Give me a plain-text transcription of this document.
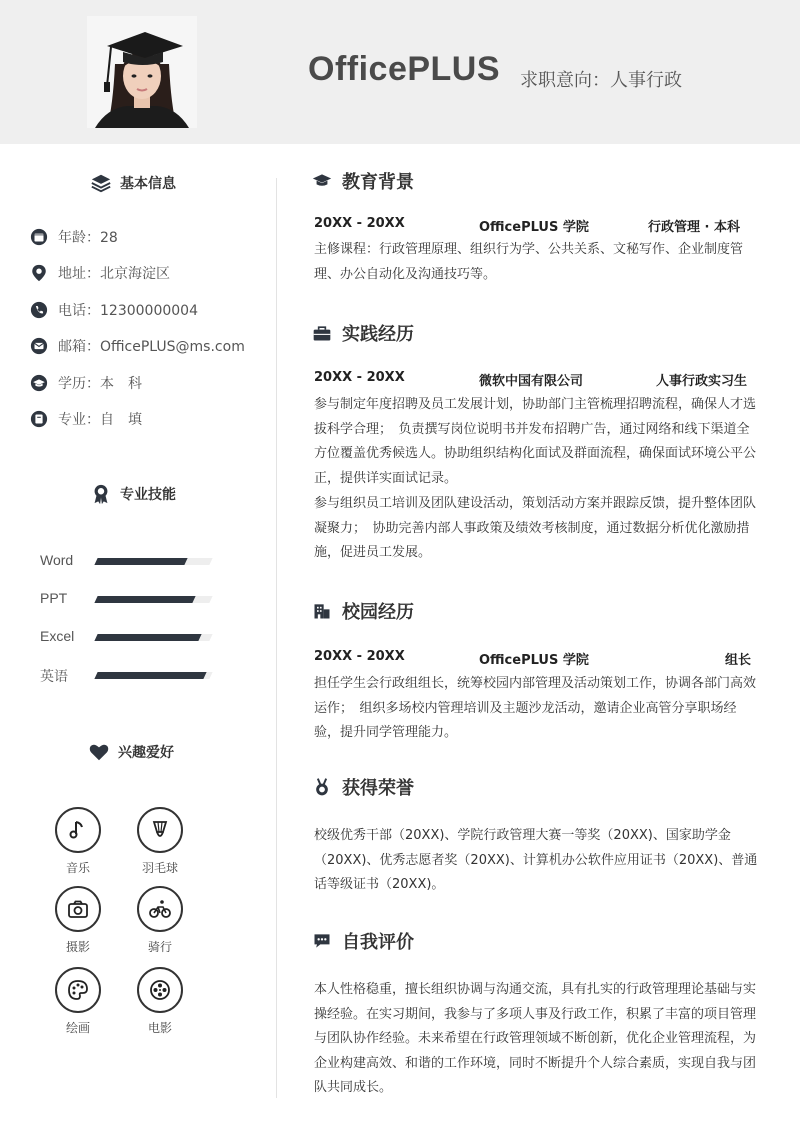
OfficePLUS 求职意向：人事行政
基本信息
年龄：28
地址：北京海淀区
电话：12300000004
邮箱：OfficePLUS@ms.com
学历：本　科
专业：自　填
专业技能
Word
PPT
Excel
英语
兴趣爱好
音乐	羽毛球
摄影	骑行
绘画	电影
教育背景
20XX - 20XX	OfficePLUS 学院	行政管理 · 本科
主修课程：行政管理原理、组织行为学、公共关系、文秘写作、企业制度管理、办公自动化及沟通技巧等。
实践经历
20XX - 20XX	微软中国有限公司	人事行政实习生
参与制定年度招聘及员工发展计划，协助部门主管梳理招聘流程，确保人才选拔科学合理；　负责撰写岗位说明书并发布招聘广告，通过网络和线下渠道全方位覆盖优秀候选人。协助组织结构化面试及群面流程，确保面试环境公平公正，提供详实面试记录。
参与组织员工培训及团队建设活动，策划活动方案并跟踪反馈，提升整体团队凝聚力；　协助完善内部人事政策及绩效考核制度，通过数据分析优化激励措施，促进员工发展。
校园经历
20XX - 20XX	OfficePLUS 学院	组长
担任学生会行政组组长，统筹校园内部管理及活动策划工作，协调各部门高效运作；　组织多场校内管理培训及主题沙龙活动，邀请企业高管分享职场经验，提升同学管理能力。
获得荣誉
校级优秀干部（20XX)、学院行政管理大赛一等奖（20XX)、国家助学金（20XX)、优秀志愿者奖（20XX)、计算机办公软件应用证书（20XX)、普通话等级证书（20XX)。
自我评价
本人性格稳重，擅长组织协调与沟通交流，具有扎实的行政管理理论基础与实操经验。在实习期间，我参与了多项人事及行政工作，积累了丰富的项目管理与团队协作经验。未来希望在行政管理领域不断创新，优化企业管理流程，为企业构建高效、和谐的工作环境，同时不断提升个人综合素质，实现自我与团队共同成长。
